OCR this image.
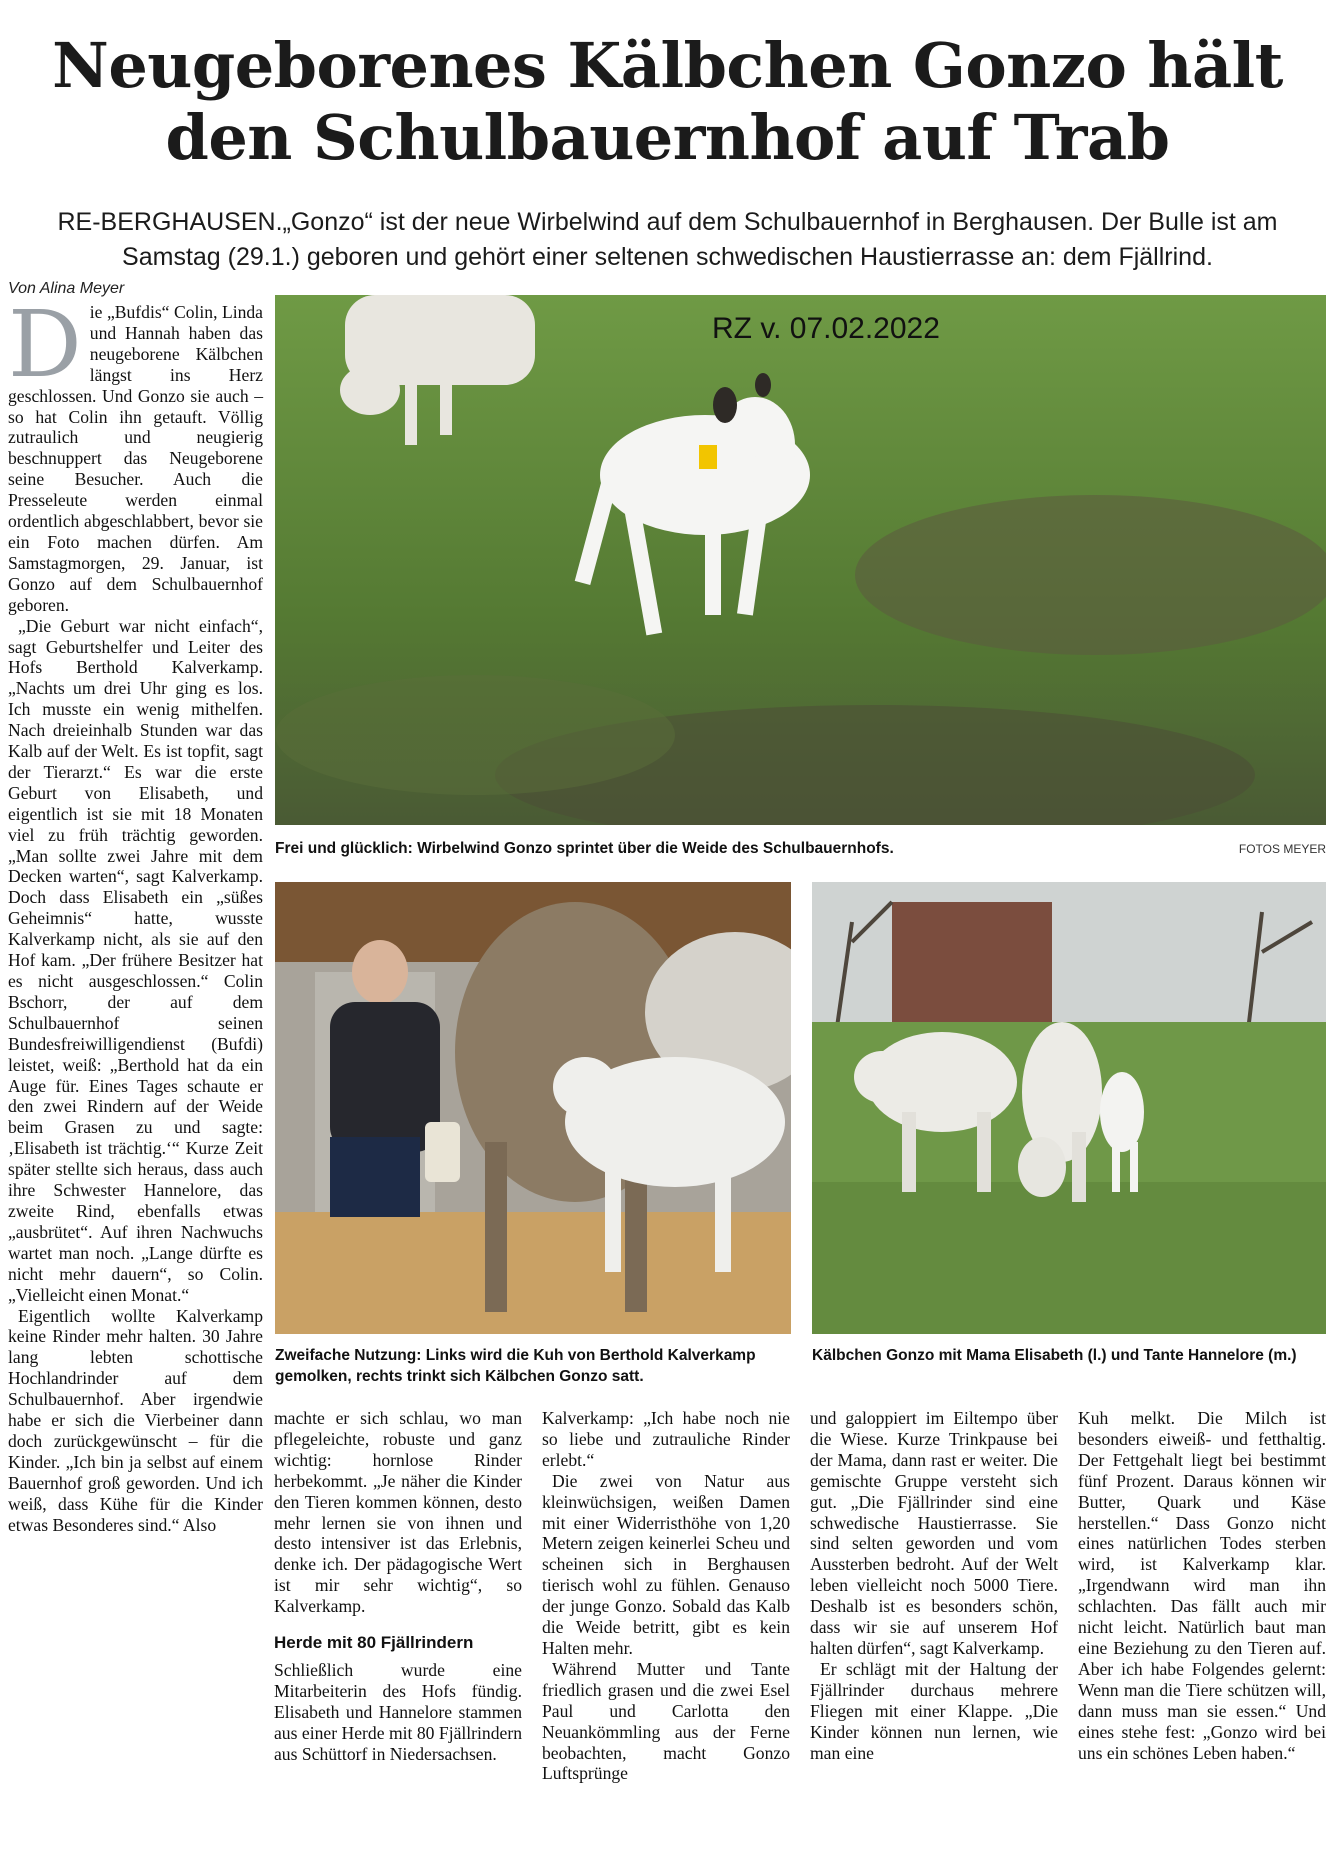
Neugeborenes Kälbchen Gonzo hält
den Schulbauernhof auf Trab
RE-BERGHAUSEN.„Gonzo“ ist der neue Wirbelwind auf dem Schulbauernhof in Berghausen. Der Bulle ist am
Samstag (29.1.) geboren und gehört einer seltenen schwedischen Haustierrasse an: dem Fjällrind.
Von Alina Meyer

Die „Bufdis“ Colin, Linda und Hannah haben das neugeborene Kälbchen längst ins Herz geschlossen. Und Gonzo sie auch – so hat Colin ihn getauft. Völlig zutraulich und neugierig beschnuppert das Neugeborene seine Besucher. Auch die Presseleute werden einmal ordentlich abgeschlabbert, bevor sie ein Foto machen dürfen. Am Samstagmorgen, 29. Januar, ist Gonzo auf dem Schulbauernhof geboren.

„Die Geburt war nicht einfach“, sagt Geburtshelfer und Leiter des Hofs Berthold Kalverkamp. „Nachts um drei Uhr ging es los. Ich musste ein wenig mithelfen. Nach dreieinhalb Stunden war das Kalb auf der Welt. Es ist topfit, sagt der Tierarzt.“ Es war die erste Geburt von Elisabeth, und eigentlich ist sie mit 18 Monaten viel zu früh trächtig geworden. „Man sollte zwei Jahre mit dem Decken warten“, sagt Kalverkamp. Doch dass Elisabeth ein „süßes Geheimnis“ hatte, wusste Kalverkamp nicht, als sie auf den Hof kam. „Der frühere Besitzer hat es nicht ausgeschlossen.“ Colin Bschorr, der auf dem Schulbauernhof seinen Bundesfreiwilligendienst (Bufdi) leistet, weiß: „Berthold hat da ein Auge für. Eines Tages schaute er den zwei Rindern auf der Weide beim Grasen zu und sagte: ‚Elisabeth ist trächtig.‘“ Kurze Zeit später stellte sich heraus, dass auch ihre Schwester Hannelore, das zweite Rind, ebenfalls etwas „ausbrütet“. Auf ihren Nachwuchs wartet man noch. „Lange dürfte es nicht mehr dauern“, so Colin. „Vielleicht einen Monat.“

Eigentlich wollte Kalverkamp keine Rinder mehr halten. 30 Jahre lang lebten schottische Hochlandrinder auf dem Schulbauernhof. Aber irgendwie habe er sich die Vierbeiner dann doch zurückgewünscht – für die Kinder. „Ich bin ja selbst auf einem Bauernhof groß geworden. Und ich weiß, dass Kühe für die Kinder etwas Besonderes sind.“ Also

machte er sich schlau, wo man pflegeleichte, robuste und ganz wichtig: hornlose Rinder herbekommt. „Je näher die Kinder den Tieren kommen können, desto mehr lernen sie von ihnen und desto intensiver ist das Erlebnis, denke ich. Der pädagogische Wert ist mir sehr wichtig“, so Kalverkamp.

Herde mit 80 Fjällrindern

Schließlich wurde eine Mitarbeiterin des Hofs fündig. Elisabeth und Hannelore stammen aus einer Herde mit 80 Fjällrindern aus Schüttorf in Niedersachsen.

Kalverkamp: „Ich habe noch nie so liebe und zutrauliche Rinder erlebt.“

Die zwei von Natur aus kleinwüchsigen, weißen Damen mit einer Widerristhöhe von 1,20 Metern zeigen keinerlei Scheu und scheinen sich in Berghausen tierisch wohl zu fühlen. Genauso der junge Gonzo. Sobald das Kalb die Weide betritt, gibt es kein Halten mehr.

Während Mutter und Tante friedlich grasen und die zwei Esel Paul und Carlotta den Neuankömmling aus der Ferne beobachten, macht Gonzo Luftsprünge

und galoppiert im Eiltempo über die Wiese. Kurze Trinkpause bei der Mama, dann rast er weiter. Die gemischte Gruppe versteht sich gut. „Die Fjällrinder sind eine schwedische Haustierrasse. Sie sind selten geworden und vom Aussterben bedroht. Auf der Welt leben vielleicht noch 5000 Tiere. Deshalb ist es besonders schön, dass wir sie auf unserem Hof halten dürfen“, sagt Kalverkamp.

Er schlägt mit der Haltung der Fjällrinder durchaus mehrere Fliegen mit einer Klappe. „Die Kinder können nun lernen, wie man eine

Kuh melkt. Die Milch ist besonders eiweiß- und fetthaltig. Der Fettgehalt liegt bei bestimmt fünf Prozent. Daraus können wir Butter, Quark und Käse herstellen.“ Dass Gonzo nicht eines natürlichen Todes sterben wird, ist Kalverkamp klar. „Irgendwann wird man ihn schlachten. Das fällt auch mir nicht leicht. Natürlich baut man eine Beziehung zu den Tieren auf. Aber ich habe Folgendes gelernt: Wenn man die Tiere schützen will, dann muss man sie essen.“ Und eines stehe fest: „Gonzo wird bei uns ein schönes Leben haben.“

RZ v. 07.02.2022
Frei und glücklich: Wirbelwind Gonzo sprintet über die Weide des Schulbauernhofs.	FOTOS MEYER
Zweifache Nutzung: Links wird die Kuh von Berthold Kalverkamp gemolken, rechts trinkt sich Kälbchen Gonzo satt.
Kälbchen Gonzo mit Mama Elisabeth (l.) und Tante Hannelore (m.)
